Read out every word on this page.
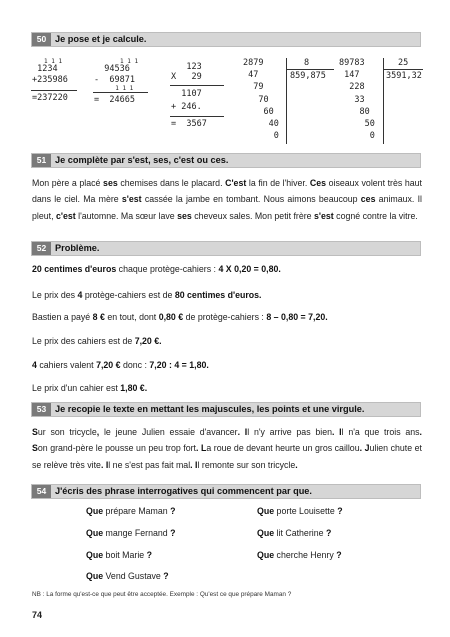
50 Je pose et je calcule.
1 1 1
1234
+235986
=237220
1 1 1
94536
-  69871
1 1 1
=  24665
123
X   29
1107
+ 246.
=  3567
2879
47
79
70
60
40
0
8
859,875
89783
147
228
33
80
50
0
25
3591,32
51 Je complète par s'est, ses, c'est ou ces.
Mon père a placé ses chemises dans le placard. C'est la fin de l'hiver. Ces oiseaux volent très haut
dans le ciel. Ma mère s'est cassée la jambe en tombant. Nous aimons beaucoup ces animaux. Il
pleut, c'est l'automne. Ma sœur lave ses cheveux sales. Mon petit frère s'est cogné contre la vitre.
52 Problème.
20 centimes d'euros chaque protège-cahiers : 4 X 0,20 = 0,80.
Le prix des 4 protège-cahiers est de 80 centimes d'euros.
Bastien a payé 8 € en tout, dont 0,80 € de protège-cahiers : 8 – 0,80 = 7,20.
Le prix des cahiers est de 7,20 €.
4 cahiers valent 7,20 € donc : 7,20 : 4 = 1,80.
Le prix d'un cahier est 1,80 €.
53 Je recopie le texte en mettant les majuscules, les points et une virgule.
Sur son tricycle, le jeune Julien essaie d'avancer. Il n'y arrive pas bien. Il n'a que trois ans.
Son grand-père le pousse un peu trop fort. La roue de devant heurte un gros caillou. Julien chute et
se relève très vite. Il ne s'est pas fait mal. Il remonte sur son tricycle.
54 J'écris des phrase interrogatives qui commencent par que.
Que prépare Maman ?
Que mange Fernand ?
Que boit Marie ?
Que Vend Gustave ?
Que porte Louisette ?
Que lit Catherine ?
Que cherche Henry ?
NB : La forme qu'est-ce que peut être acceptée. Exemple : Qu'est ce que prépare Maman ?
74
